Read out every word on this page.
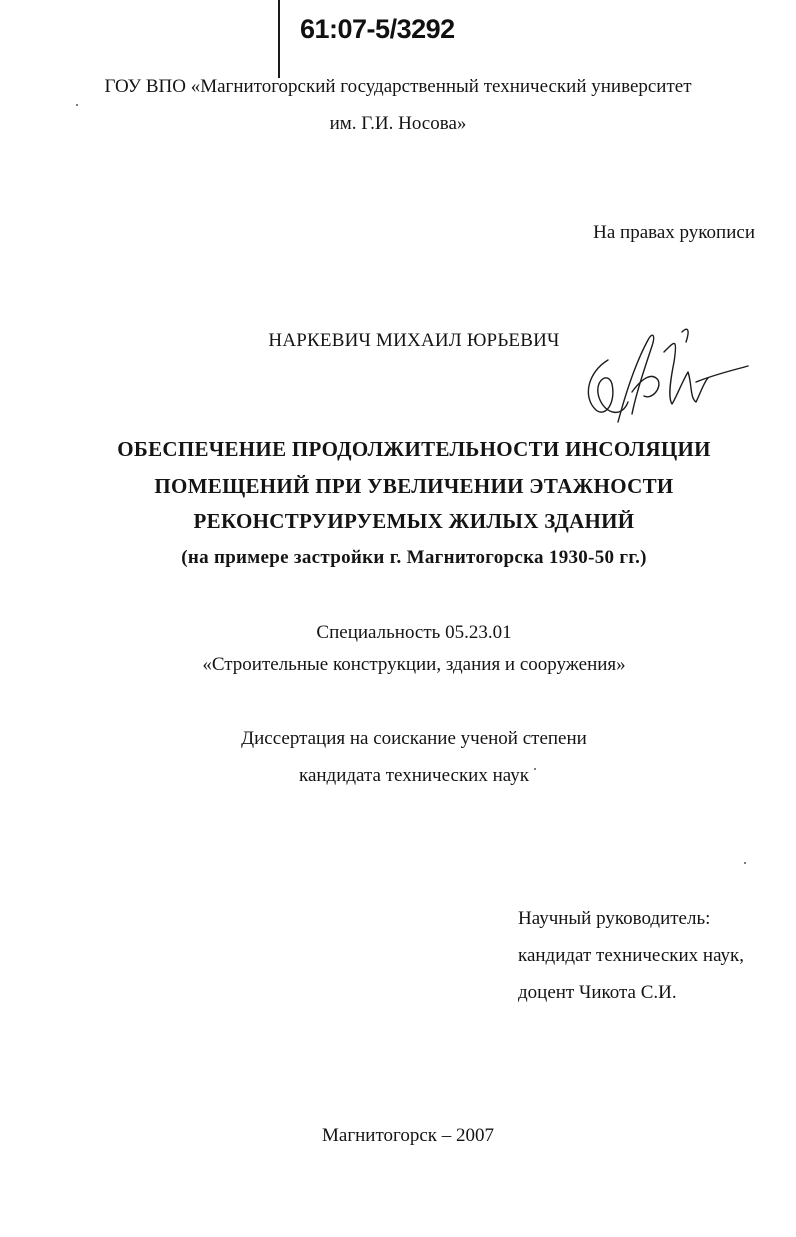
61:07-5/3292
ГОУ ВПО «Магнитогорский государственный технический университет
им. Г.И. Носова»
На правах рукописи
НАРКЕВИЧ МИХАИЛ ЮРЬЕВИЧ
ОБЕСПЕЧЕНИЕ ПРОДОЛЖИТЕЛЬНОСТИ ИНСОЛЯЦИИ
ПОМЕЩЕНИЙ ПРИ УВЕЛИЧЕНИИ ЭТАЖНОСТИ
РЕКОНСТРУИРУЕМЫХ ЖИЛЫХ ЗДАНИЙ
(на примере застройки г. Магнитогорска 1930-50 гг.)
Специальность 05.23.01
«Строительные конструкции, здания и сооружения»
Диссертация на соискание ученой степени
кандидата технических наук
Научный руководитель:
кандидат технических наук,
доцент Чикота С.И.
Магнитогорск – 2007
